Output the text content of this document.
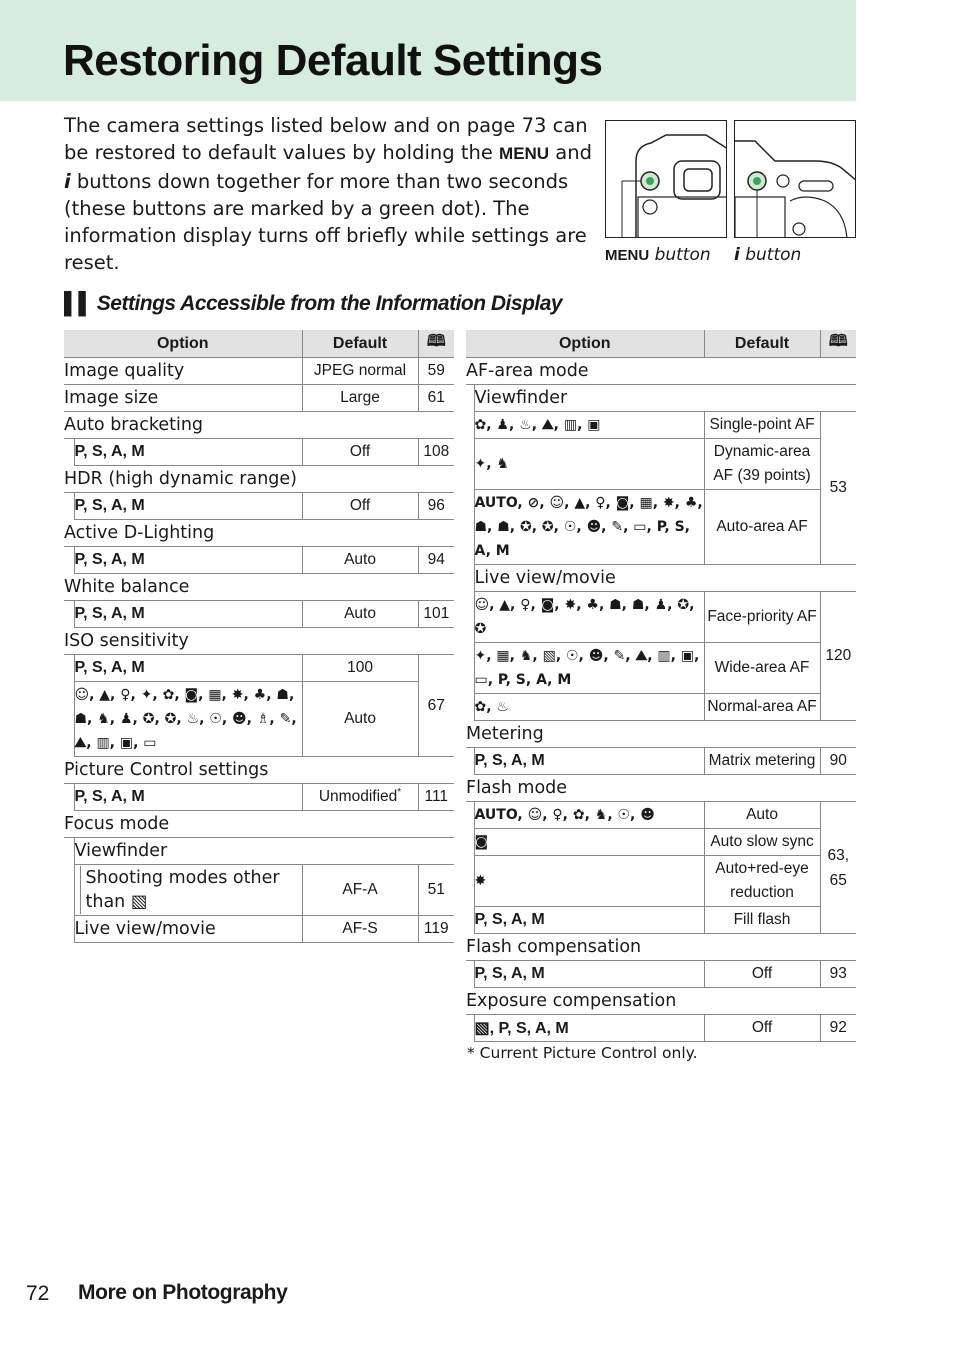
Restoring Default Settings

The camera settings listed below and on page 73 can be restored to default values by holding the MENU and i buttons down together for more than two seconds (these buttons are marked by a green dot). The information display turns off briefly while settings are reset.	MENU button i button
▌▌ Settings Accessible from the Information Display
Option		Default	🕮
Image quality		JPEG normal	59
Image size		Large	61
Auto bracketing			
	P, S, A, M	Off	108
HDR (high dynamic range)			
	P, S, A, M	Off	96
Active D-Lighting			
	P, S, A, M	Auto	94
White balance			
	P, S, A, M	Auto	101
ISO sensitivity			
	P, S, A, M	100	67
	☺, ▲, ♀, ✦, ✿, ◙, ▦, ✸, ♣, ☗, ☗, ♞, ♟, ✪, ✪, ♨, ☉, ☻, ♗, ✎, ⛰, ▥, ▣, ▭	Auto	
Picture Control settings			
	P, S, A, M	Unmodified*	111
Focus mode			
	Viewfinder		

	Shooting modes other than ▧	AF-A	51
	Live view/movie	AF-S	119
Option		Default	🕮
AF-area mode			
	Viewfinder		
	✿, ♟, ♨, ⛰, ▥, ▣	Single-point AF	53
	✦, ♞	Dynamic-area AF (39 points)	
	AUTO, ⊘, ☺, ▲, ♀, ◙, ▦, ✸, ♣, ☗, ☗, ✪, ✪, ☉, ☻, ✎, ▭, P, S, A, M	Auto-area AF	
	Live view/movie		
	☺, ▲, ♀, ◙, ✸, ♣, ☗, ☗, ♟, ✪, ✪	Face-priority AF	120
	✦, ▦, ♞, ▧, ☉, ☻, ✎, ⛰, ▥, ▣, ▭, P, S, A, M	Wide-area AF	
	✿, ♨	Normal-area AF	
Metering			
	P, S, A, M	Matrix metering	90
Flash mode			
	AUTO, ☺, ♀, ✿, ♞, ☉, ☻	Auto	63, 65
	◙	Auto slow sync	
	✸	Auto+red-eye reduction	
	P, S, A, M	Fill flash	
Flash compensation			
	P, S, A, M	Off	93
Exposure compensation			
	▧, P, S, A, M	Off	92

* Current Picture Control only.

72 More on Photography
